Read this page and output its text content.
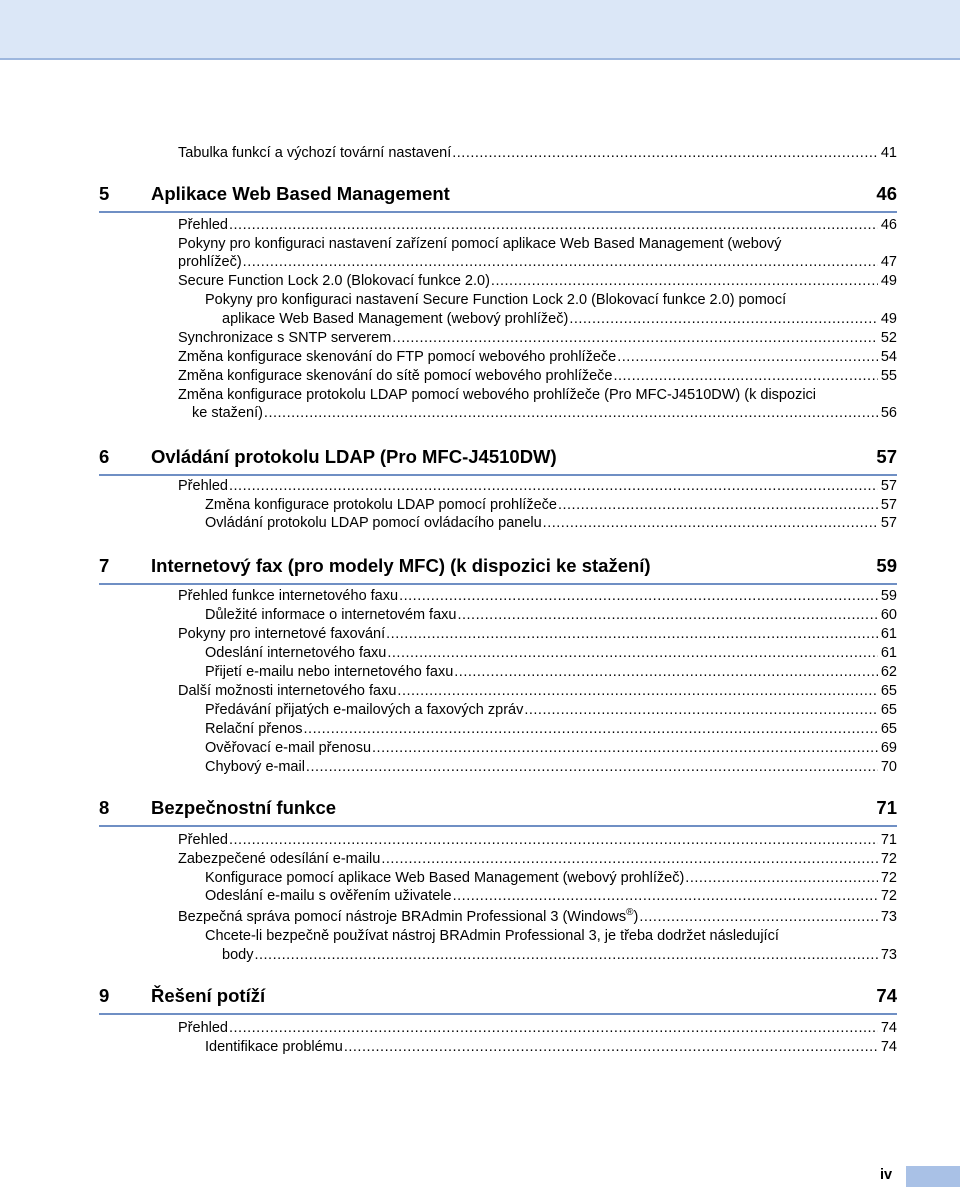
Tabulka funkcí a výchozí tovární nastavení .....	41
5 Aplikace Web Based Management	46
Přehled .....	46
Pokyny pro konfiguraci nastavení zařízení pomocí aplikace Web Based Management (webový
prohlížeč) .....	47
Secure Function Lock 2.0 (Blokovací funkce 2.0) .....	49
Pokyny pro konfiguraci nastavení Secure Function Lock 2.0 (Blokovací funkce 2.0) pomocí
aplikace Web Based Management (webový prohlížeč) .....	49
Synchronizace s SNTP serverem .....	52
Změna konfigurace skenování do FTP pomocí webového prohlížeče .....	54
Změna konfigurace skenování do sítě pomocí webového prohlížeče .....	55
Změna konfigurace protokolu LDAP pomocí webového prohlížeče (Pro MFC-J4510DW) (k dispozici
ke stažení) .....	56
6 Ovládání protokolu LDAP (Pro MFC-J4510DW)	57
Přehled .....	57
Změna konfigurace protokolu LDAP pomocí prohlížeče .....	57
Ovládání protokolu LDAP pomocí ovládacího panelu .....	57
7 Internetový fax (pro modely MFC) (k dispozici ke stažení)	59
Přehled funkce internetového faxu .....	59
Důležité informace o internetovém faxu .....	60
Pokyny pro internetové faxování .....	61
Odeslání internetového faxu .....	61
Přijetí e-mailu nebo internetového faxu .....	62
Další možnosti internetového faxu .....	65
Předávání přijatých e-mailových a faxových zpráv .....	65
Relační přenos .....	65
Ověřovací e-mail přenosu .....	69
Chybový e-mail .....	70
8 Bezpečnostní funkce	71
Přehled .....	71
Zabezpečené odesílání e-mailu .....	72
Konfigurace pomocí aplikace Web Based Management (webový prohlížeč) .....	72
Odeslání e-mailu s ověřením uživatele .....	72
Bezpečná správa pomocí nástroje BRAdmin Professional 3 (Windows®) .....	73
Chcete-li bezpečně používat nástroj BRAdmin Professional 3, je třeba dodržet následující
body .....	73
9 Řešení potíží	74
Přehled .....	74
Identifikace problému .....	74
iv
